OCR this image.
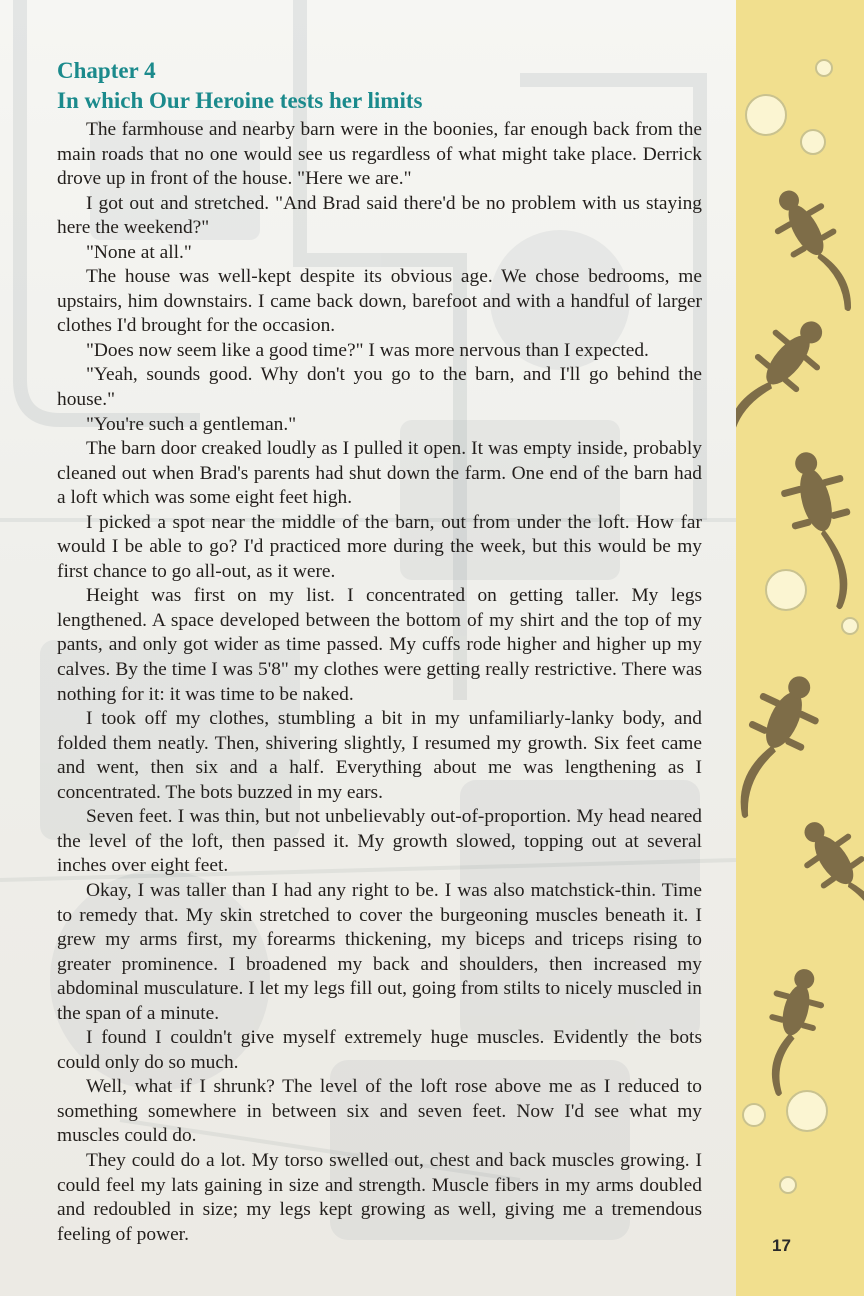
Chapter 4
In which Our Heroine tests her limits

The farmhouse and nearby barn were in the boonies, far enough back from the main roads that no one would see us regardless of what might take place. Derrick drove up in front of the house. "Here we are."

I got out and stretched. "And Brad said there'd be no problem with us staying here the weekend?"

"None at all."

The house was well-kept despite its obvious age. We chose bedrooms, me upstairs, him downstairs. I came back down, barefoot and with a handful of larger clothes I'd brought for the occasion.

"Does now seem like a good time?" I was more nervous than I expected.

"Yeah, sounds good. Why don't you go to the barn, and I'll go behind the house."

"You're such a gentleman."

The barn door creaked loudly as I pulled it open. It was empty inside, probably cleaned out when Brad's parents had shut down the farm. One end of the barn had a loft which was some eight feet high.

I picked a spot near the middle of the barn, out from under the loft. How far would I be able to go? I'd practiced more during the week, but this would be my first chance to go all-out, as it were.

Height was first on my list. I concentrated on getting taller. My legs lengthened. A space developed between the bottom of my shirt and the top of my pants, and only got wider as time passed. My cuffs rode higher and higher up my calves. By the time I was 5'8" my clothes were getting really restrictive. There was nothing for it: it was time to be naked.

I took off my clothes, stumbling a bit in my unfamiliarly-lanky body, and folded them neatly. Then, shivering slightly, I resumed my growth. Six feet came and went, then six and a half. Everything about me was lengthening as I concentrated. The bots buzzed in my ears.

Seven feet. I was thin, but not unbelievably out-of-proportion. My head neared the level of the loft, then passed it. My growth slowed, topping out at several inches over eight feet.

Okay, I was taller than I had any right to be. I was also matchstick-thin. Time to remedy that. My skin stretched to cover the burgeoning muscles beneath it. I grew my arms first, my forearms thickening, my biceps and triceps rising to greater prominence. I broadened my back and shoulders, then increased my abdominal musculature. I let my legs fill out, going from stilts to nicely muscled in the span of a minute.

I found I couldn't give myself extremely huge muscles. Evidently the bots could only do so much.

Well, what if I shrunk? The level of the loft rose above me as I reduced to something somewhere in between six and seven feet. Now I'd see what my muscles could do.

They could do a lot. My torso swelled out, chest and back muscles growing. I could feel my lats gaining in size and strength. Muscle fibers in my arms doubled and redoubled in size; my legs kept growing as well, giving me a tremendous feeling of power.

17
